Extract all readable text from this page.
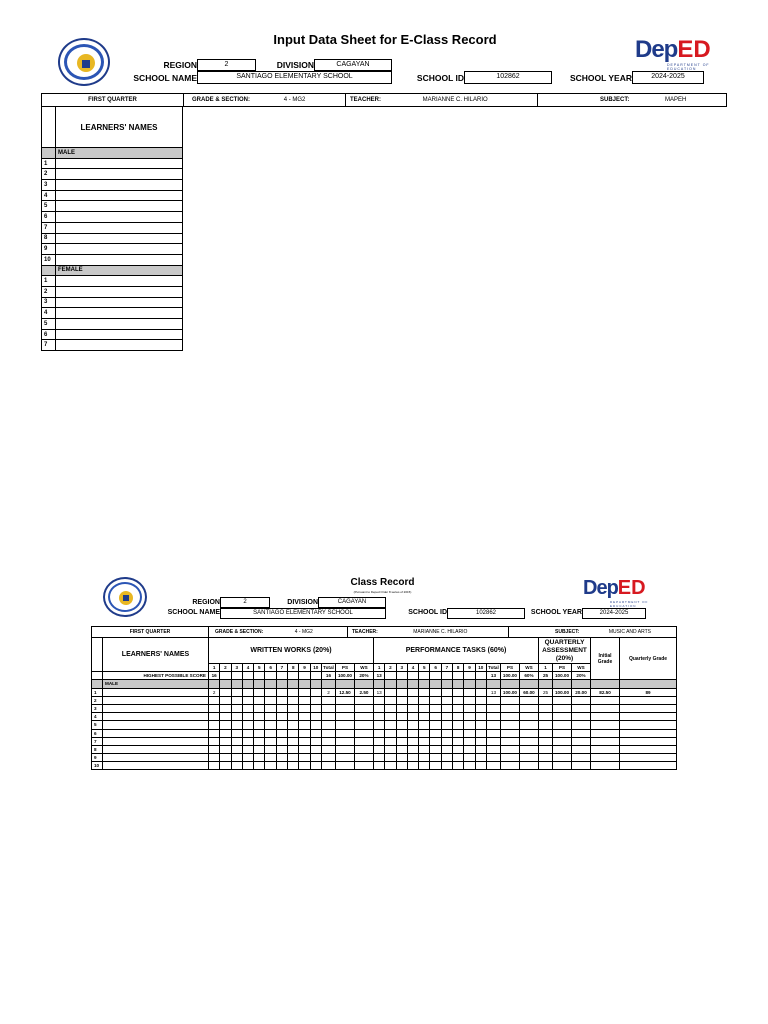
Input Data Sheet for E-Class Record	DepED
DEPARTMENT OF EDUCATION
REGION	2	DIVISION	CAGAYAN
SCHOOL NAME	SANTIAGO ELEMENTARY SCHOOL	SCHOOL ID	102862	SCHOOL YEAR	2024-2025
FIRST QUARTER	GRADE & SECTION:	4 - MG2	TEACHER:	MARIANNE C. HILARIO	SUBJECT:	MAPEH
	LEARNERS' NAMES
	MALE
1	
2	
3	
4	
5	
6	
7	
8	
9	
10	
	FEMALE
1	
2	
3	
4	
5	
6	
7	
Class Record
(Pursuant to Deped Order 8 series of 2015)	DepED
DEPARTMENT OF EDUCATION
REGION	2	DIVISION	CAGAYAN
SCHOOL NAME	SANTIAGO ELEMENTARY SCHOOL	SCHOOL ID	102862	SCHOOL YEAR	2024-2025
FIRST QUARTER	GRADE & SECTION:	4 - MG2	TEACHER:	MARIANNE C. HILARIO	SUBJECT:	MUSIC AND ARTS
	LEARNERS' NAMES	WRITTEN WORKS (20%)													PERFORMANCE TASKS (60%)													QUARTERLY ASSESSMENT (20%)			Initial Grade	Quarterly Grade
		1	2	3	4	5	6	7	8	9	10	Total	PS	WS	1	2	3	4	5	6	7	8	9	10	Total	PS	WS	1	PS	WS		
	HIGHEST POSSIBLE SCORE	16										16	100.00	20%	13										13	100.00	60%	25	100.00	20%		
	MALE																															
1		2										2	12.50	2.50	13										13	100.00	60.00	25	100.00	20.00	82.50	89
2																																
3																																
4																																
5																																
6																																
7																																
8																																
9																																
10																																
